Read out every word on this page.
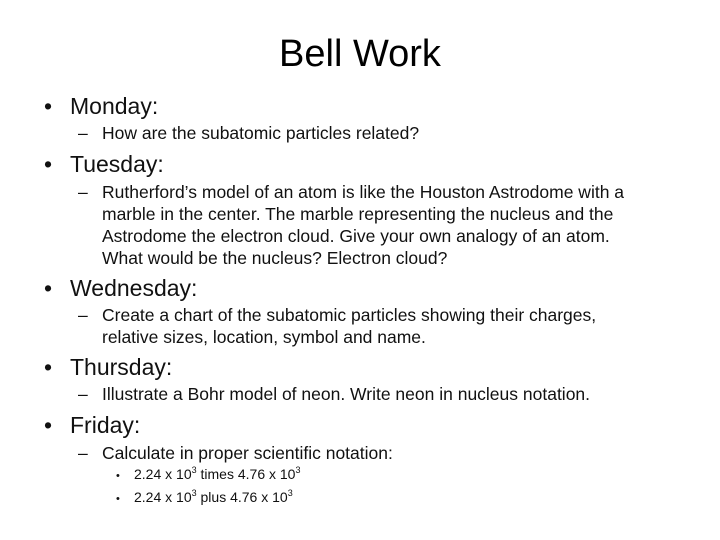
Bell Work
• Monday:
– How are the subatomic particles related?
• Tuesday:
– Rutherford’s model of an atom is like the Houston Astrodome with a
marble in the center. The marble representing the nucleus and the
Astrodome the electron cloud. Give your own analogy of an atom.
What would be the nucleus? Electron cloud?
• Wednesday:
– Create a chart of the subatomic particles showing their charges,
relative sizes, location, symbol and name.
• Thursday:
– Illustrate a Bohr model of neon. Write neon in nucleus notation.
• Friday:
– Calculate in proper scientific notation:
• 2.24 x $10^3$ times 4.76 x $10^3$
• 2.24 x $10^3$ plus 4.76 x $10^3$
